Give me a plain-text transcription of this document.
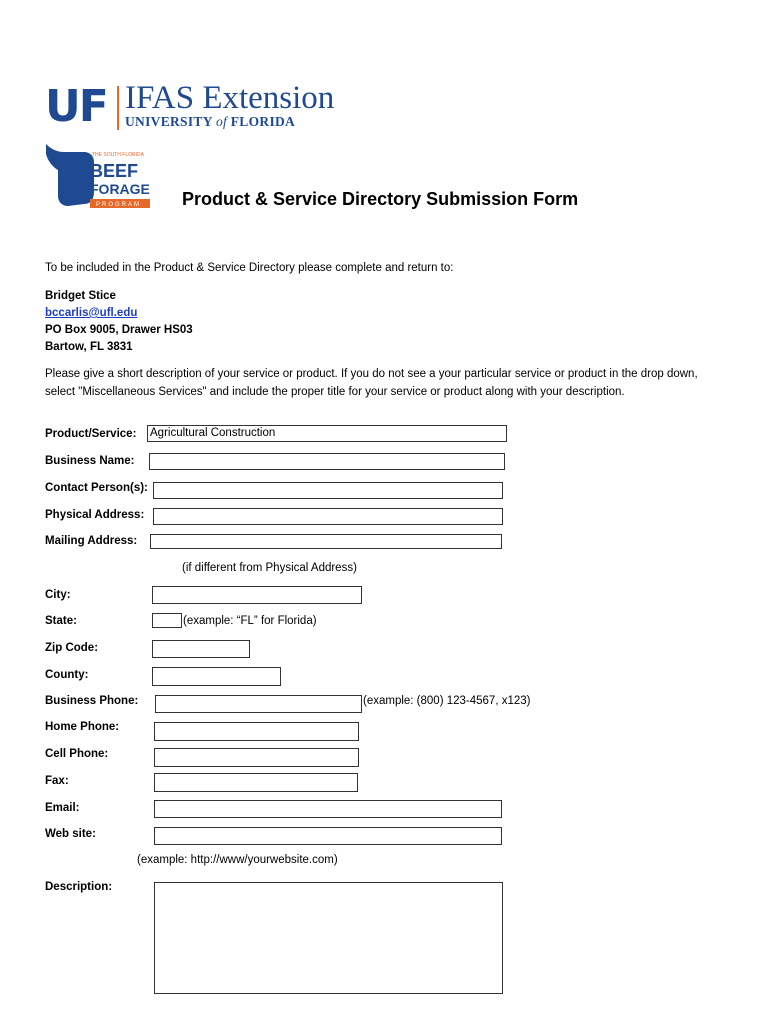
UF IFAS Extension
UNIVERSITY of FLORIDA
THE SOUTH FLORIDA
BEEF
FORAGE
PROGRAM Product & Service Directory Submission Form
To be included in the Product & Service Directory please complete and return to:
Bridget Stice
bccarlis@ufl.edu
PO Box 9005, Drawer HS03
Bartow, FL 3831
Please give a short description of your service or product. If you do not see a your particular service or product in the drop down, select "Miscellaneous Services" and include the proper title for your service or product along with your description.
Product/Service: Agricultural Construction
Business Name:
Contact Person(s):
Physical Address:
Mailing Address:
(if different from Physical Address)
City:
State:	(example: “FL” for Florida)
Zip Code:
County:
Business Phone:	(example: (800) 123-4567, x123)
Home Phone:
Cell Phone:
Fax:
Email:
Web site:
(example: http://www/yourwebsite.com)
Description:
